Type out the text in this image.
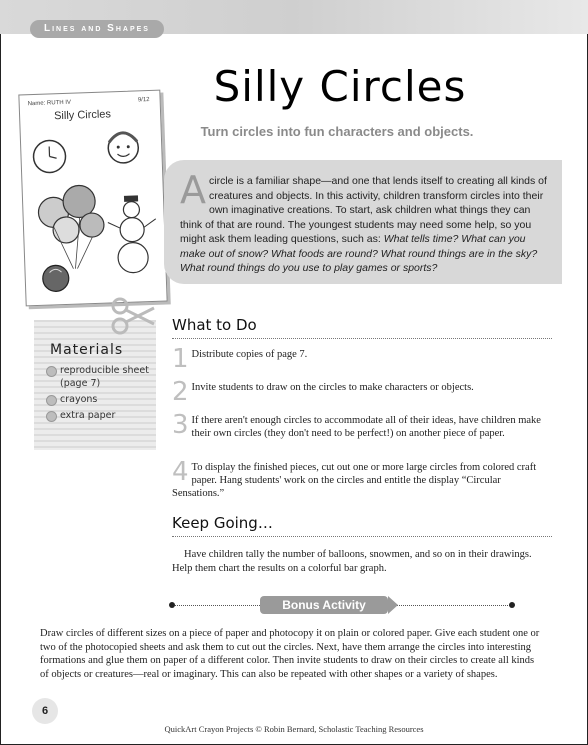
Lines and Shapes
Name: RUTH IV	9/12
Silly Circles
Silly Circles
Turn circles into fun characters and objects.

A circle is a familiar shape—and one that lends itself to creating all kinds of creatures and objects. In this activity, children transform circles into their own imaginative creations. To start, ask children what things they can think of that are round. The youngest students may need some help, so you might ask them leading questions, such as: What tells time? What can you make out of snow? What foods are round? What round things are in the sky? What round things do you use to play games or sports?

Materials
reproducible sheet (page 7)
crayons
extra paper
What to Do
1 Distribute copies of page 7.
2 Invite students to draw on the circles to make characters or objects.
3 If there aren't enough circles to accommodate all of their ideas, have children make their own circles (they don't need to be perfect!) on another piece of paper.
4 To display the finished pieces, cut out one or more large circles from colored craft paper. Hang students' work on the circles and entitle the display “Circular Sensations.”
Keep Going…
Have children tally the number of balloons, snowmen, and so on in their drawings. Help them chart the results on a colorful bar graph.
Bonus Activity
Draw circles of different sizes on a piece of paper and photocopy it on plain or colored paper. Give each student one or two of the photocopied sheets and ask them to cut out the circles. Next, have them arrange the circles into interesting formations and glue them on paper of a different color. Then invite students to draw on their circles to create all kinds of objects or creatures—real or imaginary. This can also be repeated with other shapes or a variety of shapes.
6
QuickArt Crayon Projects © Robin Bernard, Scholastic Teaching Resources
